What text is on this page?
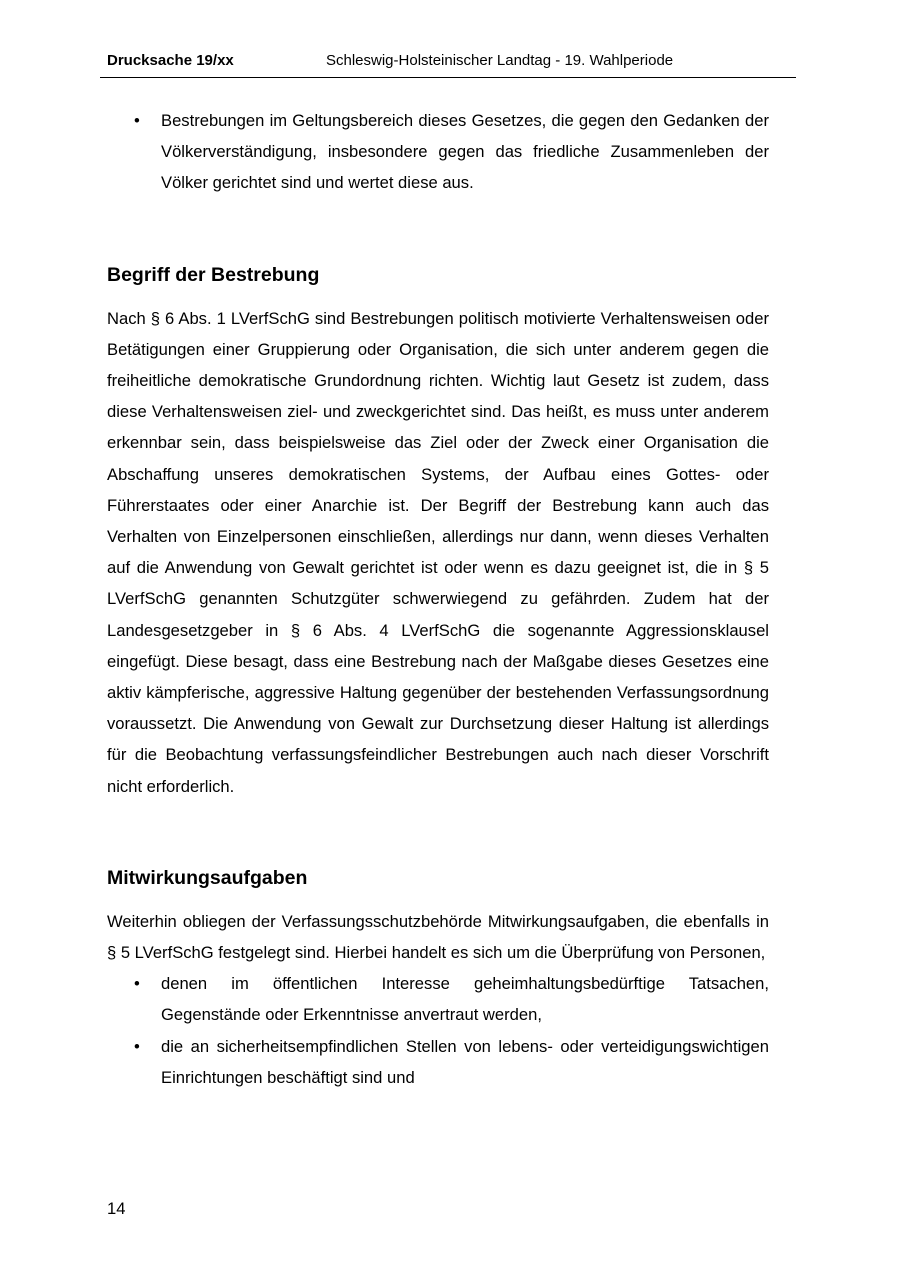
Drucksache 19/xx	Schleswig-Holsteinischer Landtag - 19. Wahlperiode
• Bestrebungen im Geltungsbereich dieses Gesetzes, die gegen den Gedanken der Völkerverständigung, insbesondere gegen das friedliche Zusammenleben der Völker gerichtet sind und wertet diese aus.
Begriff der Bestrebung

Nach § 6 Abs. 1 LVerfSchG sind Bestrebungen politisch motivierte Verhaltensweisen oder Betätigungen einer Gruppierung oder Organisation, die sich unter anderem gegen die freiheitliche demokratische Grundordnung richten. Wichtig laut Gesetz ist zudem, dass diese Verhaltensweisen ziel- und zweckgerichtet sind. Das heißt, es muss unter anderem erkennbar sein, dass beispielsweise das Ziel oder der Zweck einer Organisation die Abschaffung unseres demokratischen Systems, der Aufbau eines Gottes- oder Führerstaates oder einer Anarchie ist. Der Begriff der Bestrebung kann auch das Verhalten von Einzelpersonen einschließen, allerdings nur dann, wenn dieses Verhalten auf die Anwendung von Gewalt gerichtet ist oder wenn es dazu geeignet ist, die in § 5 LVerfSchG genannten Schutzgüter schwerwiegend zu gefährden. Zudem hat der Landesgesetzgeber in § 6 Abs. 4 LVerfSchG die sogenannte Aggressionsklausel eingefügt. Diese besagt, dass eine Bestrebung nach der Maßgabe dieses Gesetzes eine aktiv kämpferische, aggressive Haltung gegenüber der bestehenden Verfassungsordnung voraussetzt. Die Anwendung von Gewalt zur Durchsetzung dieser Haltung ist allerdings für die Beobachtung verfassungsfeindlicher Bestrebungen auch nach dieser Vorschrift nicht erforderlich.

Mitwirkungsaufgaben

Weiterhin obliegen der Verfassungsschutzbehörde Mitwirkungsaufgaben, die ebenfalls in § 5 LVerfSchG festgelegt sind. Hierbei handelt es sich um die Überprüfung von Personen,

• denen im öffentlichen Interesse geheimhaltungsbedürftige Tatsachen, Gegenstände oder Erkenntnisse anvertraut werden,
• die an sicherheitsempfindlichen Stellen von lebens- oder verteidigungswichtigen Einrichtungen beschäftigt sind und
14
